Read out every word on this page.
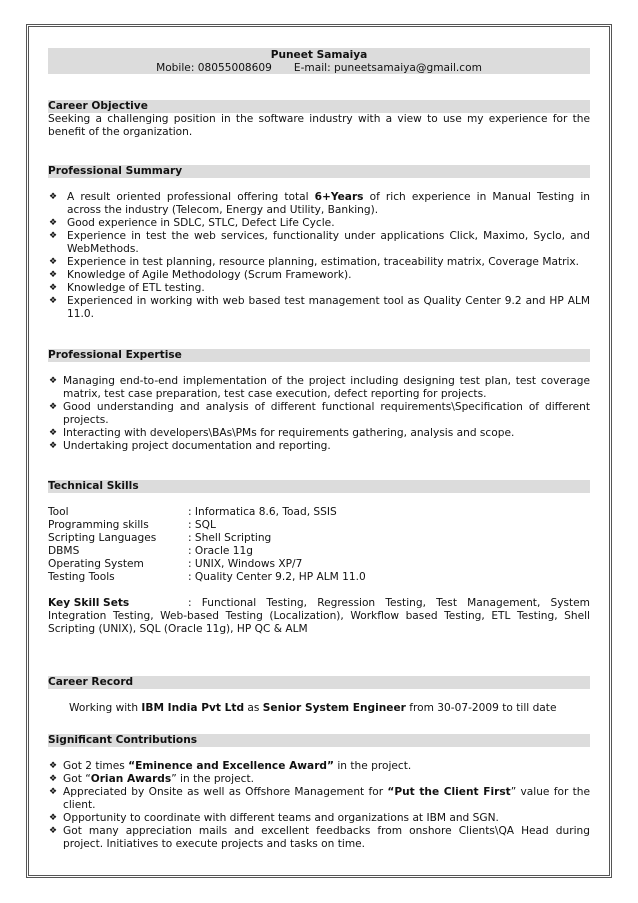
Puneet Samaiya
Mobile: 08055008609 E-mail: puneetsamaiya@gmail.com
Career Objective

Seeking a challenging position in the software industry with a view to use my experience for the benefit of the organization.

Professional Summary
❖ A result oriented professional offering total 6+Years of rich experience in Manual Testing in across the industry (Telecom, Energy and Utility, Banking).
❖ Good experience in SDLC, STLC, Defect Life Cycle.
❖ Experience in test the web services, functionality under applications Click, Maximo, Syclo, and WebMethods.
❖ Experience in test planning, resource planning, estimation, traceability matrix, Coverage Matrix.
❖ Knowledge of Agile Methodology (Scrum Framework).
❖ Knowledge of ETL testing.
❖ Experienced in working with web based test management tool as Quality Center 9.2 and HP ALM 11.0.
Professional Expertise
❖ Managing end-to-end implementation of the project including designing test plan, test coverage matrix, test case preparation, test case execution, defect reporting for projects.
❖ Good understanding and analysis of different functional requirements\Specification of different projects.
❖ Interacting with developers\BAs\PMs for requirements gathering, analysis and scope.
❖ Undertaking project documentation and reporting.
Technical Skills
Tool	: Informatica 8.6, Toad, SSIS
Programming skills	: SQL
Scripting Languages	: Shell Scripting
DBMS	: Oracle 11g
Operating System	: UNIX, Windows XP/7
Testing Tools	: Quality Center 9.2, HP ALM 11.0

Key Skill Sets	: Functional Testing, Regression Testing, Test Management, System Integration Testing, Web-based Testing (Localization), Workflow based Testing, ETL Testing, Shell Scripting (UNIX), SQL (Oracle 11g), HP QC & ALM

Career Record

Working with IBM India Pvt Ltd as Senior System Engineer from 30-07-2009 to till date

Significant Contributions
❖ Got 2 times “Eminence and Excellence Award” in the project.
❖ Got “Orian Awards” in the project.
❖ Appreciated by Onsite as well as Offshore Management for “Put the Client First” value for the client.
❖ Opportunity to coordinate with different teams and organizations at IBM and SGN.
❖ Got many appreciation mails and excellent feedbacks from onshore Clients\QA Head during project. Initiatives to execute projects and tasks on time.
